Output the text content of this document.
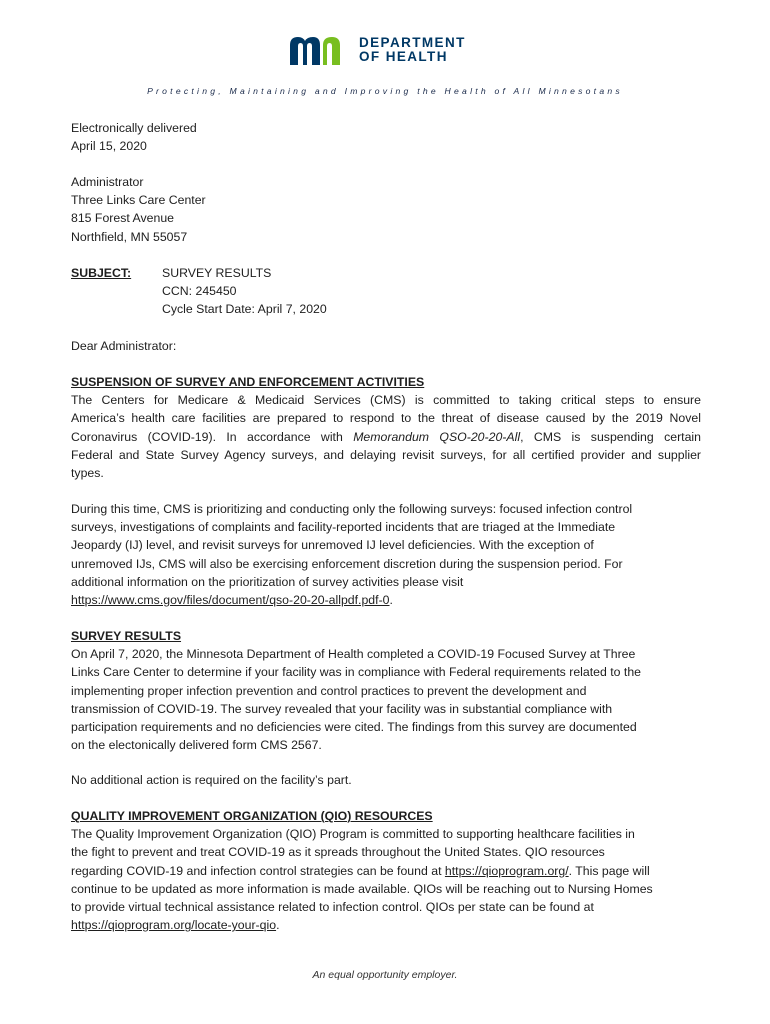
DEPARTMENT
OF HEALTH
Protecting, Maintaining and Improving the Health of All Minnesotans
Electronically delivered
April 15, 2020
Administrator
Three Links Care Center
815 Forest Avenue
Northfield, MN 55057
SUBJECT:	SURVEY RESULTS
CCN: 245450
Cycle Start Date: April 7, 2020
Dear Administrator:
SUSPENSION OF SURVEY AND ENFORCEMENT ACTIVITIES
The Centers for Medicare & Medicaid Services (CMS) is committed to taking critical steps to ensure
America’s health care facilities are prepared to respond to the threat of disease caused by the 2019 Novel
Coronavirus (COVID-19). In accordance with Memorandum QSO-20-20-All, CMS is suspending certain
Federal and State Survey Agency surveys, and delaying revisit surveys, for all certified provider and supplier
types.
During this time, CMS is prioritizing and conducting only the following surveys: focused infection control
surveys, investigations of complaints and facility-reported incidents that are triaged at the Immediate
Jeopardy (IJ) level, and revisit surveys for unremoved IJ level deficiencies. With the exception of
unremoved IJs, CMS will also be exercising enforcement discretion during the suspension period. For
additional information on the prioritization of survey activities please visit
https://www.cms.gov/files/document/qso-20-20-allpdf.pdf-0.
SURVEY RESULTS
On April 7, 2020, the Minnesota Department of Health completed a COVID-19 Focused Survey at Three
Links Care Center to determine if your facility was in compliance with Federal requirements related to the
implementing proper infection prevention and control practices to prevent the development and
transmission of COVID-19. The survey revealed that your facility was in substantial compliance with
participation requirements and no deficiencies were cited. The findings from this survey are documented
on the electonically delivered form CMS 2567.
No additional action is required on the facility’s part.
QUALITY IMPROVEMENT ORGANIZATION (QIO) RESOURCES
The Quality Improvement Organization (QIO) Program is committed to supporting healthcare facilities in
the fight to prevent and treat COVID-19 as it spreads throughout the United States. QIO resources
regarding COVID-19 and infection control strategies can be found at https://qioprogram.org/. This page will
continue to be updated as more information is made available. QIOs will be reaching out to Nursing Homes
to provide virtual technical assistance related to infection control. QIOs per state can be found at
https://qioprogram.org/locate-your-qio.
An equal opportunity employer.
